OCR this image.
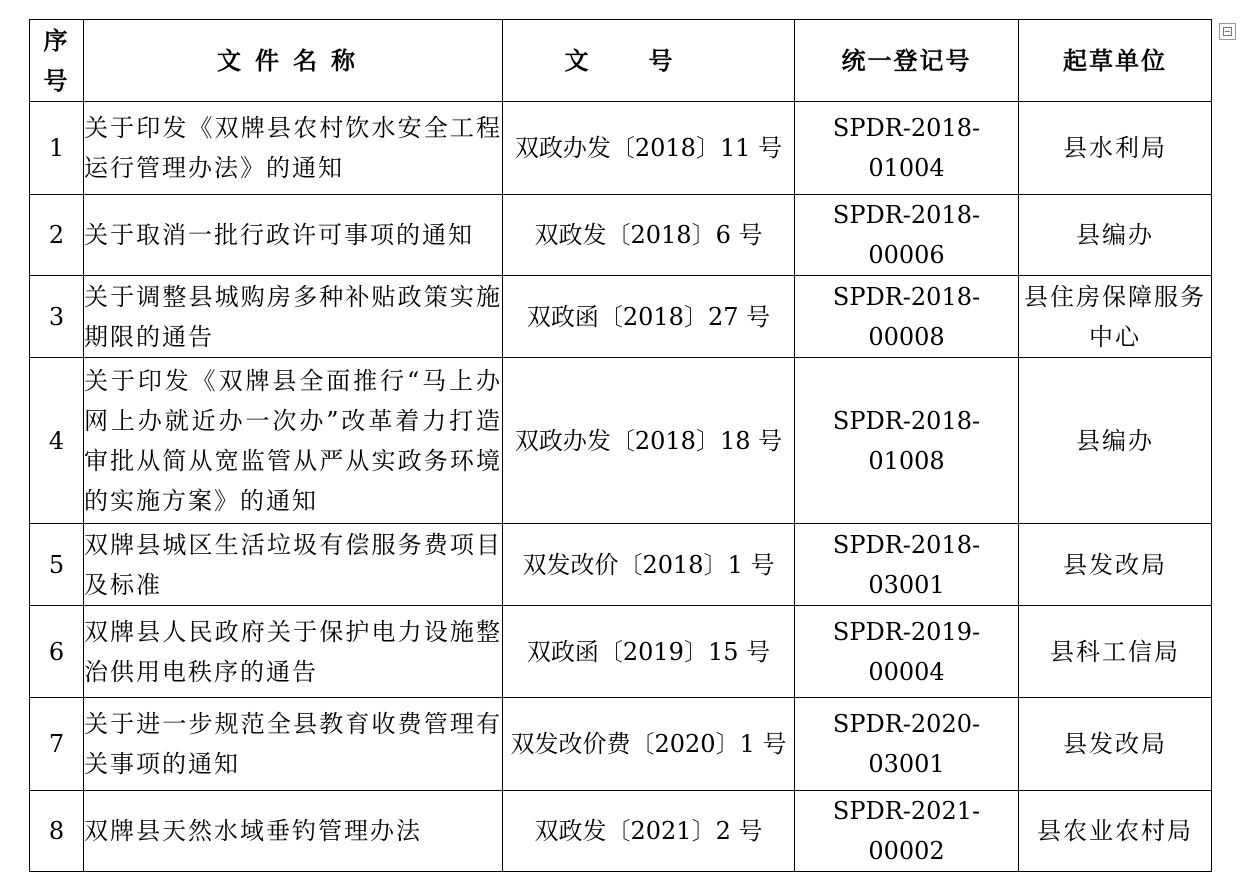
序号	文件名称	文号	统一登记号	起草单位
1	关于印发《双牌县农村饮水安全工程运行管理办法》的通知	双政办发〔2018〕11 号	SPDR-2018-01004	县水利局
2	关于取消一批行政许可事项的通知	双政发〔2018〕6 号	SPDR-2018-00006	县编办
3	关于调整县城购房多种补贴政策实施期限的通告	双政函〔2018〕27 号	SPDR-2018-00008	县住房保障服务中心
4	关于印发《双牌县全面推行“马上办网上办就近办一次办”改革着力打造审批从简从宽监管从严从实政务环境的实施方案》的通知	双政办发〔2018〕18 号	SPDR-2018-01008	县编办
5	双牌县城区生活垃圾有偿服务费项目及标准	双发改价〔2018〕1 号	SPDR-2018-03001	县发改局
6	双牌县人民政府关于保护电力设施整治供用电秩序的通告	双政函〔2019〕15 号	SPDR-2019-00004	县科工信局
7	关于进一步规范全县教育收费管理有关事项的通知	双发改价费〔2020〕1 号	SPDR-2020-03001	县发改局
8	双牌县天然水域垂钓管理办法	双政发〔2021〕2 号	SPDR-2021-00002	县农业农村局
